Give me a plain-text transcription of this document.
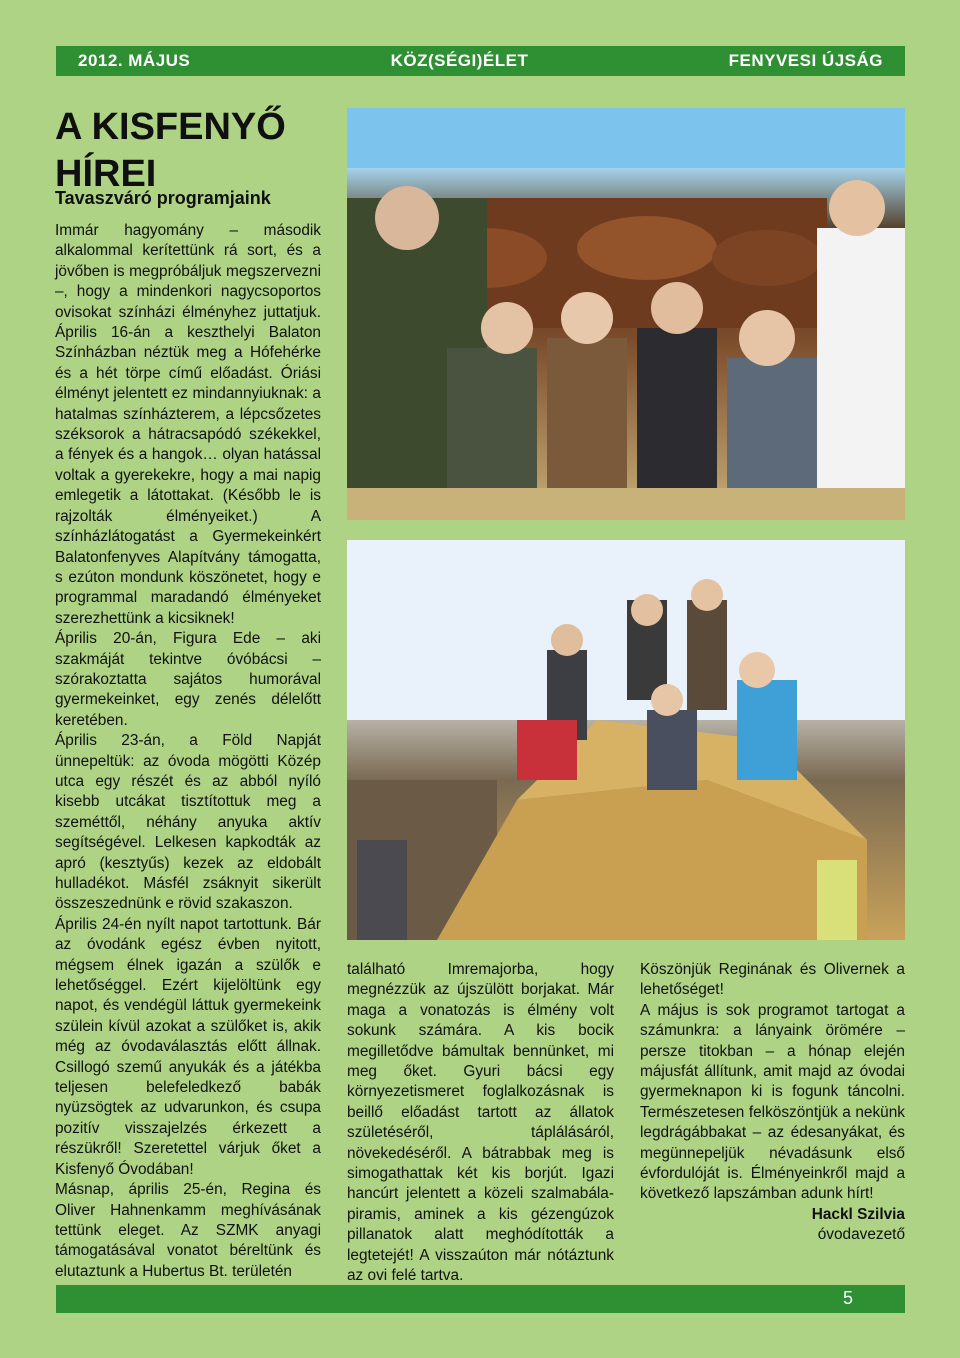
2012. MÁJUS	KÖZ(SÉGI)ÉLET	FENYVESI ÚJSÁG
A KISFENYŐ HÍREI
Tavaszváró programjaink

Immár hagyomány – második alkalommal kerítettünk rá sort, és a jövőben is megpróbáljuk megszervezni –, hogy a mindenkori nagycsoportos ovisokat színházi élményhez juttatjuk. Április 16-án a keszthelyi Balaton Színházban néztük meg a Hófehérke és a hét törpe című előadást. Óriási élményt jelentett ez mindannyiuknak: a hatalmas színházterem, a lépcsőzetes széksorok a hátracsapódó székekkel, a fények és a hangok… olyan hatással voltak a gyerekekre, hogy a mai napig emlegetik a látottakat. (Később le is rajzolták élményeiket.) A színházlátogatást a Gyermekeinkért Balatonfenyves Alapítvány támogatta, s ezúton mondunk köszönetet, hogy e programmal maradandó élményeket szerezhettünk a kicsiknek!

Április 20-án, Figura Ede – aki szakmáját tekintve óvóbácsi – szórakoztatta sajátos humorával gyermekeinket, egy zenés délelőtt keretében.

Április 23-án, a Föld Napját ünnepeltük: az óvoda mögötti Közép utca egy részét és az abból nyíló kisebb utcákat tisztítottuk meg a szeméttől, néhány anyuka aktív segítségével. Lelkesen kapkodták az apró (kesztyűs) kezek az eldobált hulladékot. Másfél zsáknyit sikerült összeszednünk e rövid szakaszon.

Április 24-én nyílt napot tartottunk. Bár az óvodánk egész évben nyitott, mégsem élnek igazán a szülők e lehetőséggel. Ezért kijelöltünk egy napot, és vendégül láttuk gyermekeink szülein kívül azokat a szülőket is, akik még az óvodaválasztás előtt állnak. Csillogó szemű anyukák és a játékba teljesen belefeledkező babák nyüzsögtek az udvarunkon, és csupa pozitív visszajelzés érkezett a részükről! Szeretettel várjuk őket a Kisfenyő Óvodában!

Másnap, április 25-én, Regina és Oliver Hahnenkamm meghívásának tettünk eleget. Az SZMK anyagi támogatásával vonatot béreltünk és elutaztunk a Hubertus Bt. területén

található Imremajorba, hogy megnézzük az újszülött borjakat. Már maga a vonatozás is élmény volt sokunk számára. A kis bocik megilletődve bámultak bennünket, mi meg őket. Gyuri bácsi egy környezetismeret foglalkozásnak is beillő előadást tartott az állatok születéséről, táplálásáról, növekedéséről. A bátrabbak meg is simogathattak két kis borjút. Igazi hancúrt jelentett a közeli szalmabála-piramis, aminek a kis gézengúzok pillanatok alatt meghódították a legtetejét! A visszaúton már nótáztunk az ovi felé tartva.

Köszönjük Reginának és Olivernek a lehetőséget!

A május is sok programot tartogat a számunkra: a lányaink örömére – persze titokban – a hónap elején májusfát állítunk, amit majd az óvodai gyermeknapon ki is fogunk táncolni. Természetesen felköszöntjük a nekünk legdrágábbakat – az édesanyákat, és megünnepeljük névadásunk első évfordulóját is. Élményeinkről majd a következő lapszámban adunk hírt!

Hackl Szilvia

óvodavezető

5
